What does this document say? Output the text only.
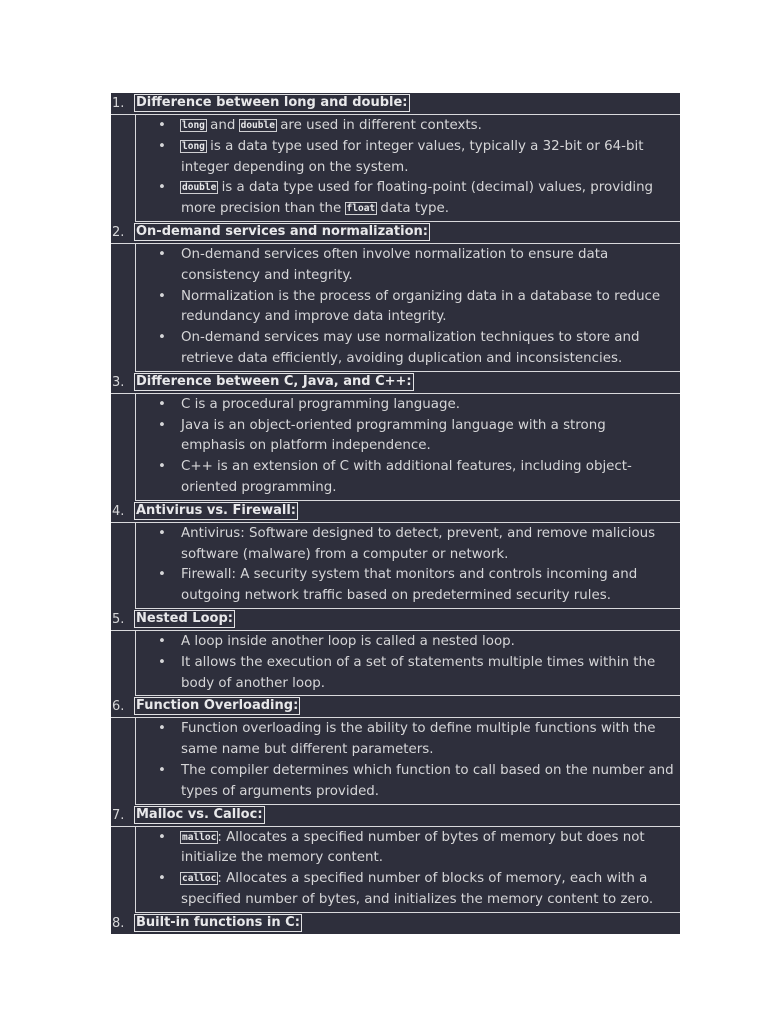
1. Difference between long and double:
• long and double are used in different contexts.
• long is a data type used for integer values, typically a 32-bit or 64-bit integer depending on the system.
• double is a data type used for floating-point (decimal) values, providing more precision than the float data type.
2. On-demand services and normalization:
• On-demand services often involve normalization to ensure data consistency and integrity.
• Normalization is the process of organizing data in a database to reduce redundancy and improve data integrity.
• On-demand services may use normalization techniques to store and retrieve data efficiently, avoiding duplication and inconsistencies.
3. Difference between C, Java, and C++:
• C is a procedural programming language.
• Java is an object-oriented programming language with a strong emphasis on platform independence.
• C++ is an extension of C with additional features, including object-oriented programming.
4. Antivirus vs. Firewall:
• Antivirus: Software designed to detect, prevent, and remove malicious software (malware) from a computer or network.
• Firewall: A security system that monitors and controls incoming and outgoing network traffic based on predetermined security rules.
5. Nested Loop:
• A loop inside another loop is called a nested loop.
• It allows the execution of a set of statements multiple times within the body of another loop.
6. Function Overloading:
• Function overloading is the ability to define multiple functions with the same name but different parameters.
• The compiler determines which function to call based on the number and types of arguments provided.
7. Malloc vs. Calloc:
• malloc: Allocates a specified number of bytes of memory but does not initialize the memory content.
• calloc: Allocates a specified number of blocks of memory, each with a specified number of bytes, and initializes the memory content to zero.
8. Built-in functions in C:
